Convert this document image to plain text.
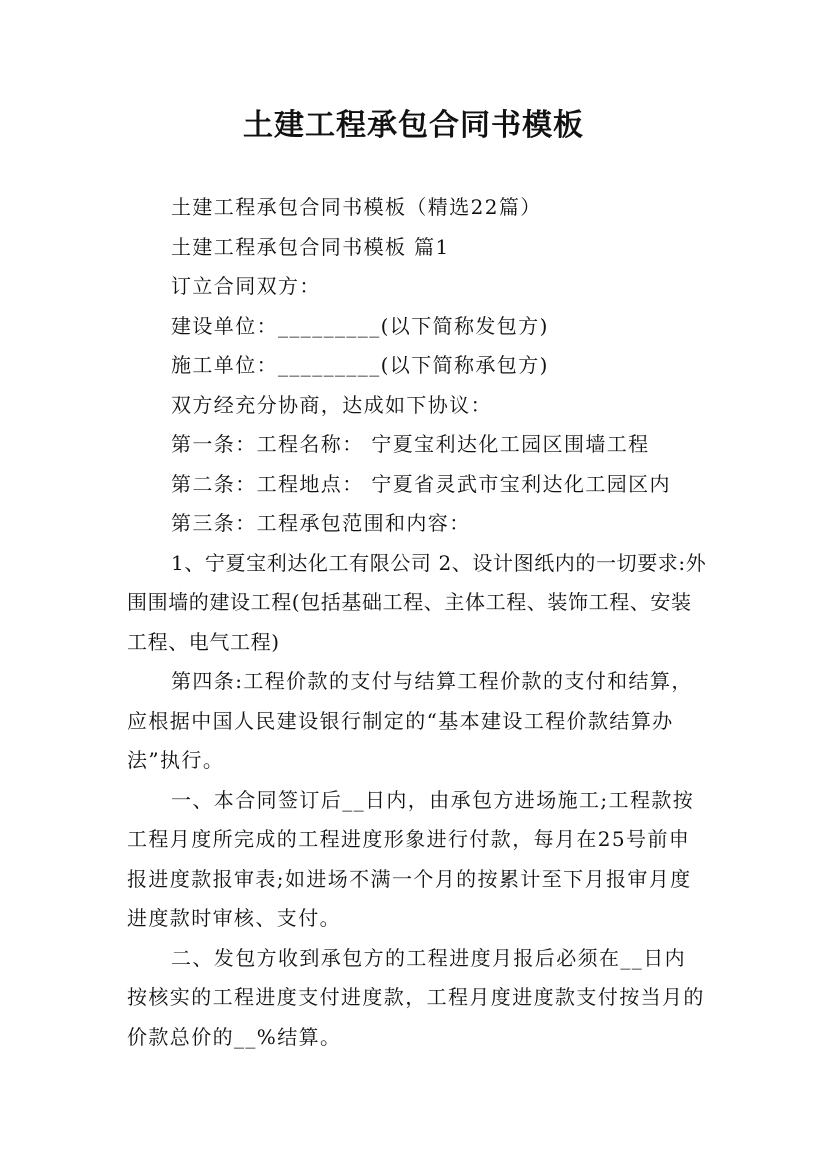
土建工程承包合同书模板

土建工程承包合同书模板（精选22篇）

土建工程承包合同书模板 篇1

订立合同双方：

建设单位：_________(以下简称发包方)

施工单位：_________(以下简称承包方)

双方经充分协商，达成如下协议：

第一条：工程名称： 宁夏宝利达化工园区围墙工程

第二条：工程地点： 宁夏省灵武市宝利达化工园区内

第三条：工程承包范围和内容：

1、宁夏宝利达化工有限公司 2、设计图纸内的一切要求:外围围墙的建设工程(包括基础工程、主体工程、装饰工程、安装工程、电气工程)

第四条:工程价款的支付与结算工程价款的支付和结算，应根据中国人民建设银行制定的“基本建设工程价款结算办法”执行。

一、本合同签订后__日内，由承包方进场施工;工程款按工程月度所完成的工程进度形象进行付款，每月在25号前申报进度款报审表;如进场不满一个月的按累计至下月报审月度进度款时审核、支付。

二、发包方收到承包方的工程进度月报后必须在__日内按核实的工程进度支付进度款，工程月度进度款支付按当月的价款总价的__%结算。
